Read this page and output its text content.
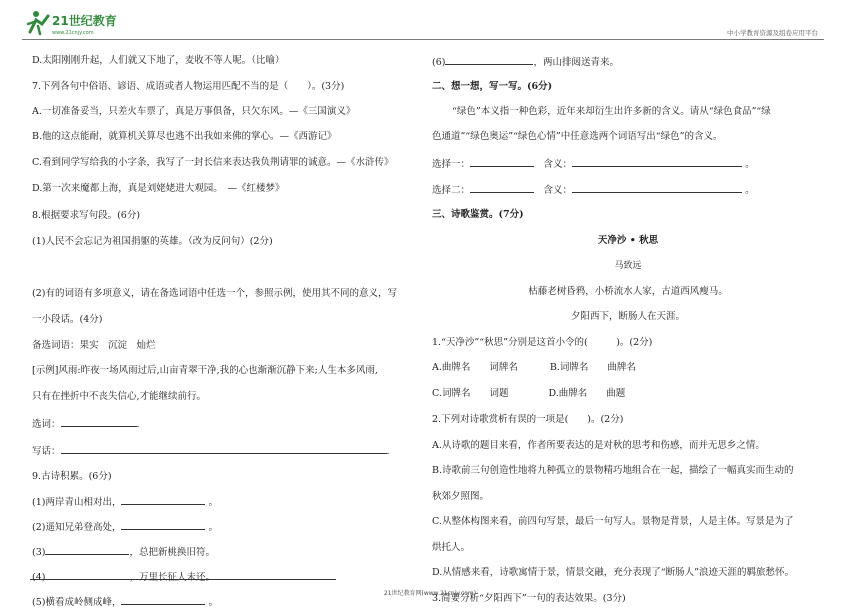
21世纪教育
www.21cnjy.com	中小学教育资源及组卷应用平台
D.太阳刚刚升起，人们就又下地了，麦收不等人呢。（比喻）
7.下列各句中俗语、谚语、成语或者人物运用匹配不当的是（　　）。(3分)
A.一切准备妥当，只差火车票了，真是万事俱备，只欠东风。—《三国演义》
B.他的这点能耐，就算机关算尽也逃不出我如来佛的掌心。—《西游记》
C.看到同学写给我的小字条，我写了一封长信来表达我负荆请罪的诚意。—《水浒传》
D.第一次来魔都上海，真是刘姥姥进大观园。　—《红楼梦》
8.根据要求写句段。(6分)
(1)人民不会忘记为祖国捐躯的英雄。（改为反问句）(2分)
(2)有的词语有多项意义，请在备选词语中任选一个，参照示例，使用其不同的意义，写
一小段话。(4分)
备选词语：果实　沉淀　灿烂
[示例]风雨:昨夜一场风雨过后,山亩青翠干净,我的心也渐渐沉静下来;人生本多风雨,
只有在挫折中不丧失信心,才能继续前行。
选词：	.
写话：	.
9.古诗积累。(6分)
(1)两岸青山相对出，	。
(2)遥知兄弟登高处，	。
(3)	，总把新桃换旧符。
(4)	，万里长征人未还。
(5)横看成岭侧成峰，	。
(6)	，两山排闼送青来。
二、想一想，写一写。(6分)
“绿色”本义指一种色彩，近年来却衍生出许多新的含义。请从“绿色食品”“绿
色通道”“绿色奥运”“绿色心情”中任意选两个词语写出“绿色”的含义。
选择一：　	含义：	。
选择二：　	含义：	。
三、诗歌鉴赏。(7分)
天净沙 • 秋思
马致远
枯藤老树昏鸦，小桥流水人家，古道西风瘦马。
夕阳西下，断肠人在天涯。
1.“天净沙”“秋思”分别是这首小令的(　　　)。(2分)
A.曲牌名　　词牌名	B.词牌名　　曲牌名
C.词牌名　　词题	D.曲牌名　　曲题
2.下列对诗歌赏析有误的一项是(　　)。(2分)
A.从诗歌的题目来看，作者所要表达的是对秋的思考和伤感，而并无思乡之情。
B.诗歌前三句创造性地将九种孤立的景物精巧地组合在一起，描绘了一幅真实而生动的
秋郊夕照图。
C.从整体构图来看，前四句写景，最后一句写人。景物是背景，人是主体。写景是为了
烘托人。
D.从情感来看，诗歌寓情于景，情景交融，充分表现了“断肠人”浪迹天涯的羁旅愁怀。
3.简要分析“夕阳西下”一句的表达效果。(3分)
21世纪教育网(www.21cnjy.com)
